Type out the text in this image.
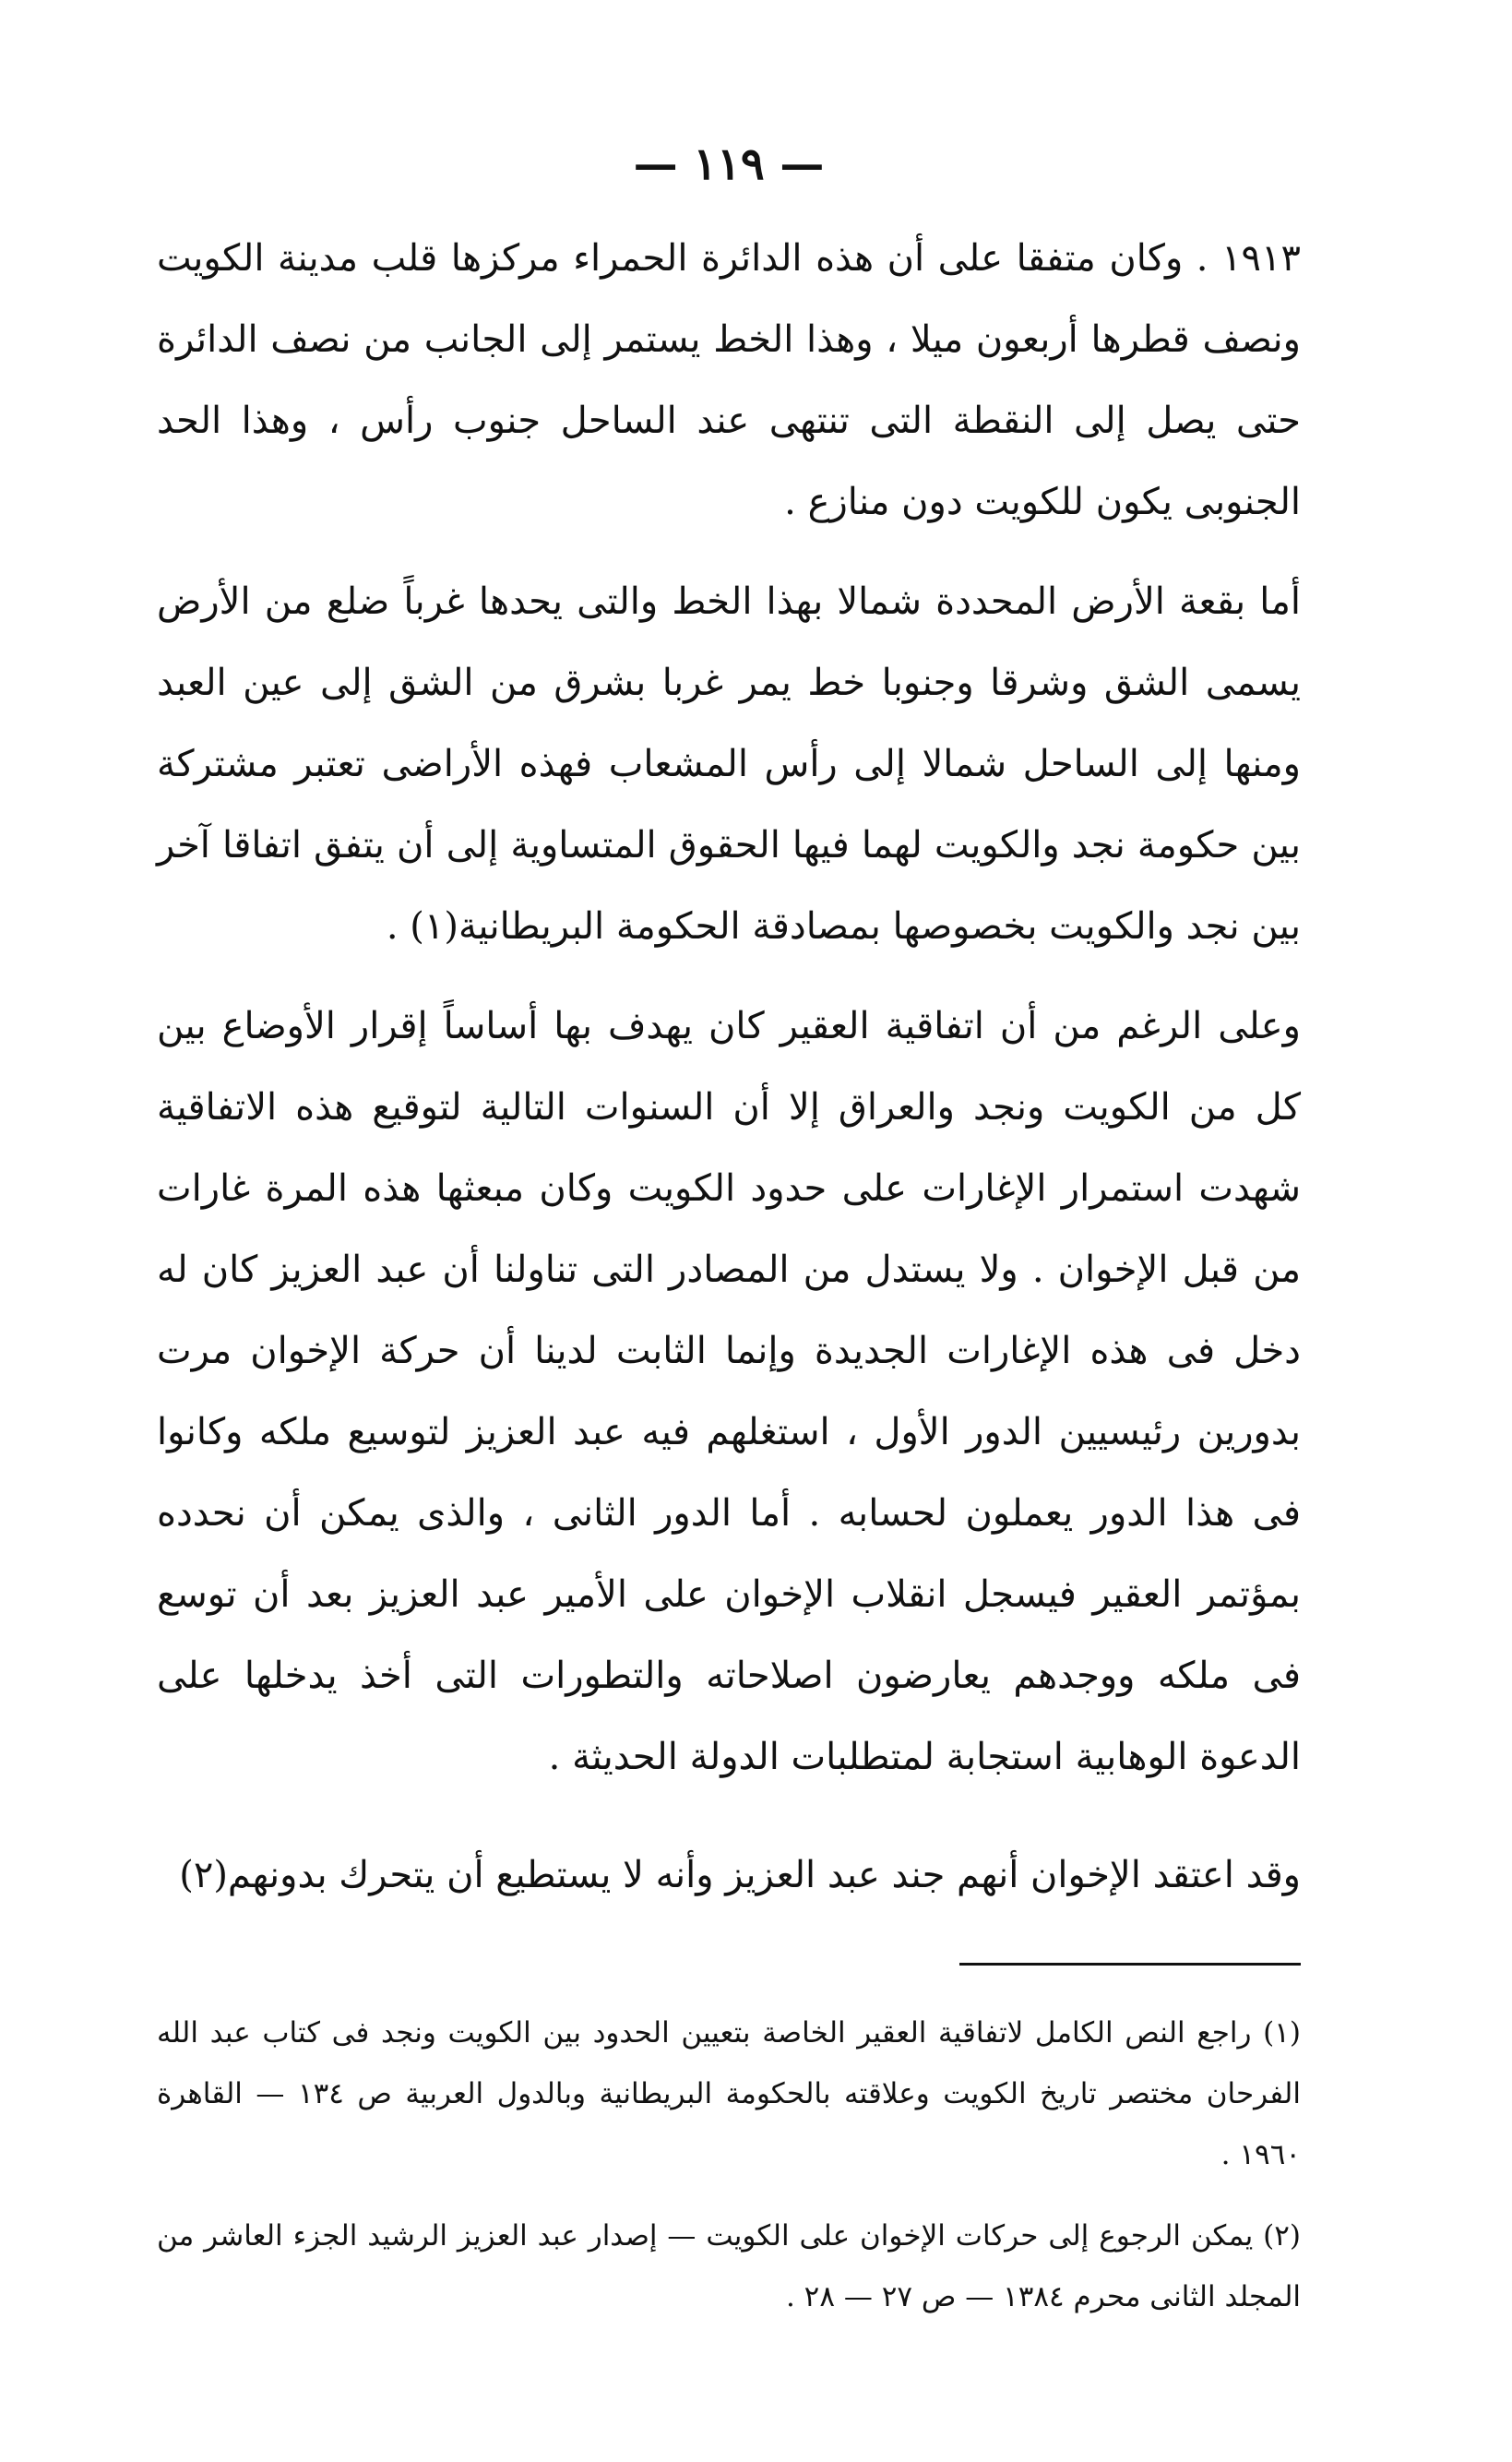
— ١١٩ —

١٩١٣ . وكان متفقا على أن هذه الدائرة الحمراء مركزها قلب مدينة الكويت ونصف قطرها أربعون ميلا ، وهذا الخط يستمر إلى الجانب من نصف الدائرة حتى يصل إلى النقطة التى تنتهى عند الساحل جنوب رأس ، وهذا الحد الجنوبى يكون للكويت دون منازع .

أما بقعة الأرض المحددة شمالا بهذا الخط والتى يحدها غرباً ضلع من الأرض يسمى الشق وشرقا وجنوبا خط يمر غربا بشرق من الشق إلى عين العبد ومنها إلى الساحل شمالا إلى رأس المشعاب فهذه الأراضى تعتبر مشتركة بين حكومة نجد والكويت لهما فيها الحقوق المتساوية إلى أن يتفق اتفاقا آخر بين نجد والكويت بخصوصها بمصادقة الحكومة البريطانية(١) .

وعلى الرغم من أن اتفاقية العقير كان يهدف بها أساساً إقرار الأوضاع بين كل من الكويت ونجد والعراق إلا أن السنوات التالية لتوقيع هذه الاتفاقية شهدت استمرار الإغارات على حدود الكويت وكان مبعثها هذه المرة غارات من قبل الإخوان . ولا يستدل من المصادر التى تناولنا أن عبد العزيز كان له دخل فى هذه الإغارات الجديدة وإنما الثابت لدينا أن حركة الإخوان مرت بدورين رئيسيين الدور الأول ، استغلهم فيه عبد العزيز لتوسيع ملكه وكانوا فى هذا الدور يعملون لحسابه . أما الدور الثانى ، والذى يمكن أن نحدده بمؤتمر العقير فيسجل انقلاب الإخوان على الأمير عبد العزيز بعد أن توسع فى ملكه ووجدهم يعارضون اصلاحاته والتطورات التى أخذ يدخلها على الدعوة الوهابية استجابة لمتطلبات الدولة الحديثة .

وقد اعتقد الإخوان أنهم جند عبد العزيز وأنه لا يستطيع أن يتحرك بدونهم(٢)

(١) راجع النص الكامل لاتفاقية العقير الخاصة بتعيين الحدود بين الكويت ونجد فى كتاب عبد الله الفرحان مختصر تاريخ الكويت وعلاقته بالحكومة البريطانية وبالدول العربية ص ١٣٤ — القاهرة ١٩٦٠ .

(٢) يمكن الرجوع إلى حركات الإخوان على الكويت — إصدار عبد العزيز الرشيد الجزء العاشر من المجلد الثانى محرم ١٣٨٤ — ص ٢٧ — ٢٨ .
